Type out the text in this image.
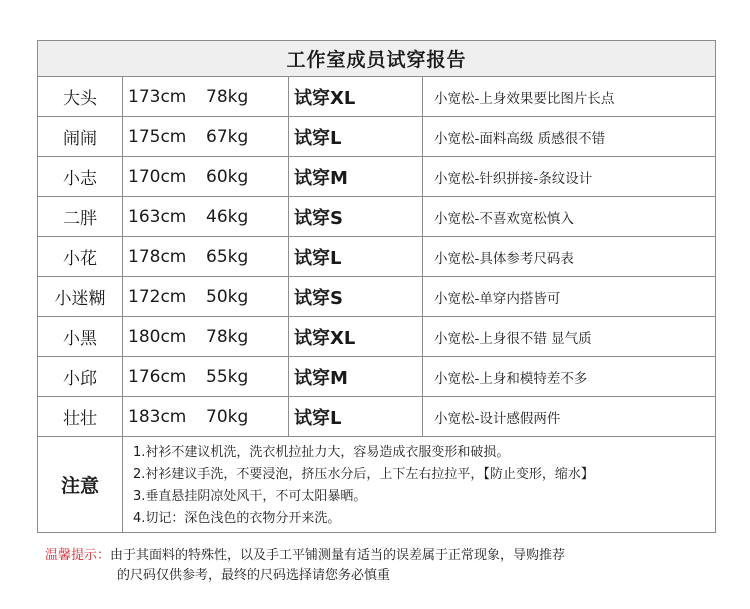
工作室成员试穿报告
大头	173cm	78kg	试穿XL	小宽松-上身效果要比图片长点
闹闹	175cm	67kg	试穿L	小宽松-面料高级 质感很不错
小志	170cm	60kg	试穿M	小宽松-针织拼接-条纹设计
二胖	163cm	46kg	试穿S	小宽松-不喜欢宽松慎入
小花	178cm	65kg	试穿L	小宽松-具体参考尺码表
小迷糊	172cm	50kg	试穿S	小宽松-单穿内搭皆可
小黑	180cm	78kg	试穿XL	小宽松-上身很不错 显气质
小邱	176cm	55kg	试穿M	小宽松-上身和模特差不多
壮壮	183cm	70kg	试穿L	小宽松-设计感假两件
注意
1.衬衫不建议机洗，洗衣机拉扯力大，容易造成衣服变形和破损。
2.衬衫建议手洗，不要浸泡，挤压水分后，上下左右拉拉平，【防止变形，缩水】
3.垂直悬挂阴凉处风干，不可太阳暴晒。
4.切记：深色浅色的衣物分开来洗。
温馨提示：由于其面料的特殊性，以及手工平铺测量有适当的误差属于正常现象，导购推荐
的尺码仅供参考，最终的尺码选择请您务必慎重
